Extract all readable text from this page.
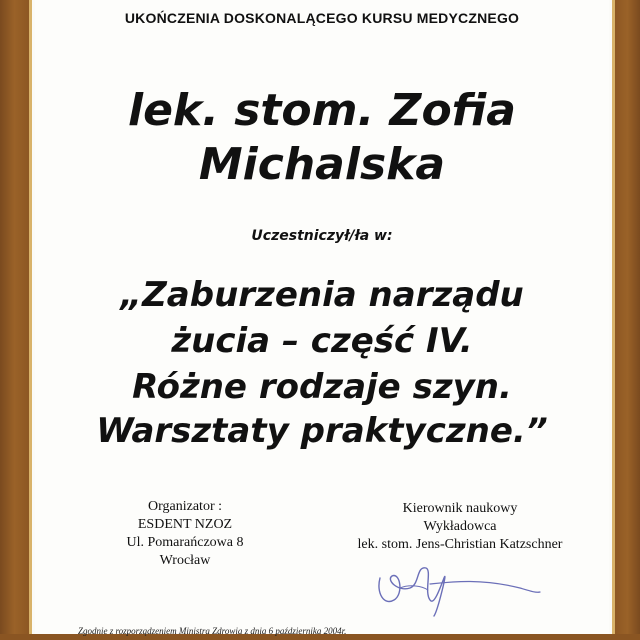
UKOŃCZENIA DOSKONALĄCEGO KURSU MEDYCZNEGO
lek. stom. Zofia
Michalska
Uczestniczył/ła w:
„Zaburzenia narządu
żucia – część IV.
Różne rodzaje szyn.
Warsztaty praktyczne.”
Organizator :
ESDENT NZOZ
Ul. Pomarańczowa 8
Wrocław
Kierownik naukowy
Wykładowca
lek. stom. Jens-Christian Katzschner
Zgodnie z rozporządzeniem Ministra Zdrowia z dnia 6 października 2004r.
